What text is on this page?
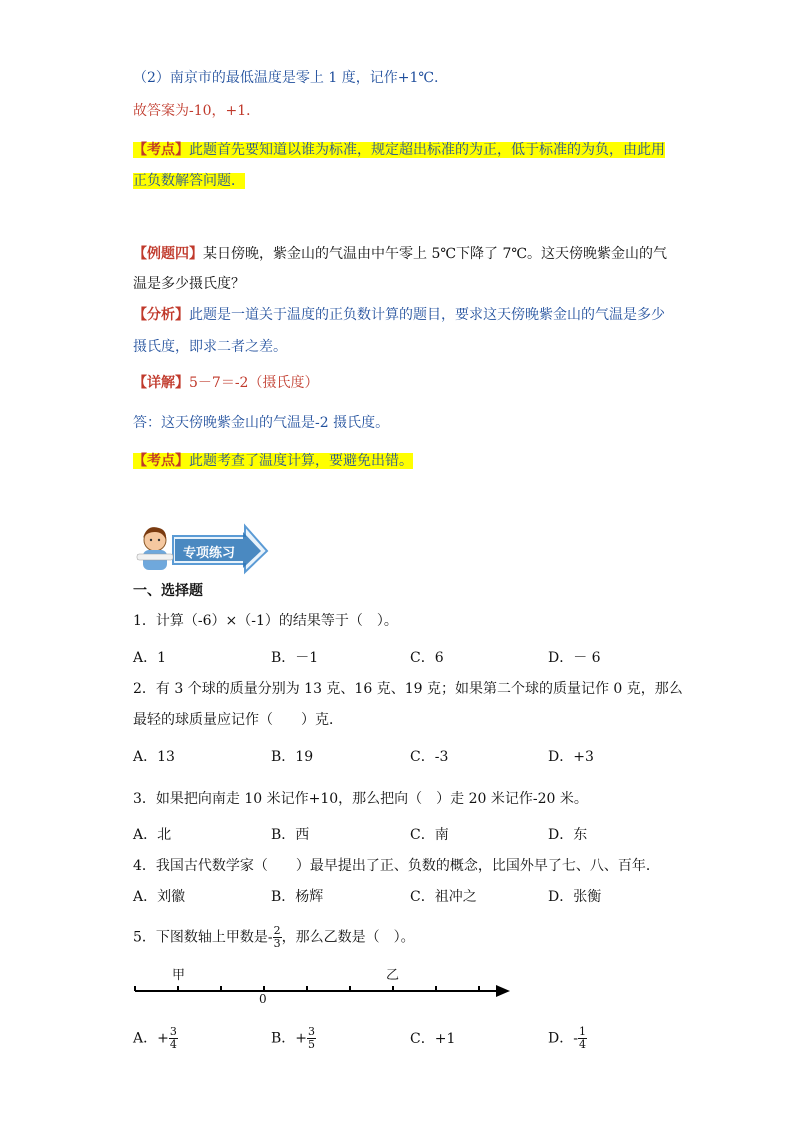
（2）南京市的最低温度是零上 1 度，记作+1℃.
故答案为-10，+1．
【考点】此题首先要知道以谁为标准，规定超出标准的为正，低于标准的为负，由此用
正负数解答问题．
【例题四】某日傍晚，紫金山的气温由中午零上 5℃下降了 7℃。这天傍晚紫金山的气
温是多少摄氏度？
【分析】此题是一道关于温度的正负数计算的题目，要求这天傍晚紫金山的气温是多少
摄氏度，即求二者之差。
【详解】5－7＝-2（摄氏度）
答：这天傍晚紫金山的气温是-2 摄氏度。
【考点】此题考查了温度计算，要避免出错。
专项练习
一、选择题
1．计算（-6）×（-1）的结果等于（　）。
A．1	B．－1	C．6	D．－ 6
2．有 3 个球的质量分别为 13 克、16 克、19 克；如果第二个球的质量记作 0 克，那么
最轻的球质量应记作（　　）克．
A．13	B．19	C．-3	D．+3
3．如果把向南走 10 米记作+10，那么把向（　）走 20 米记作-20 米。
A．北	B．西	C．南	D．东
4．我国古代数学家（　　）最早提出了正、负数的概念，比国外早了七、八、百年．
A．刘徽	B．杨辉	C．祖冲之	D．张衡
5．下图数轴上甲数是- $\frac{2}{3}$ ，那么乙数是（　）。
甲	乙
0
A．+ $\frac{3}{4}$	B．+ $\frac{3}{5}$	C．+1	D．- $\frac{1}{4}$
